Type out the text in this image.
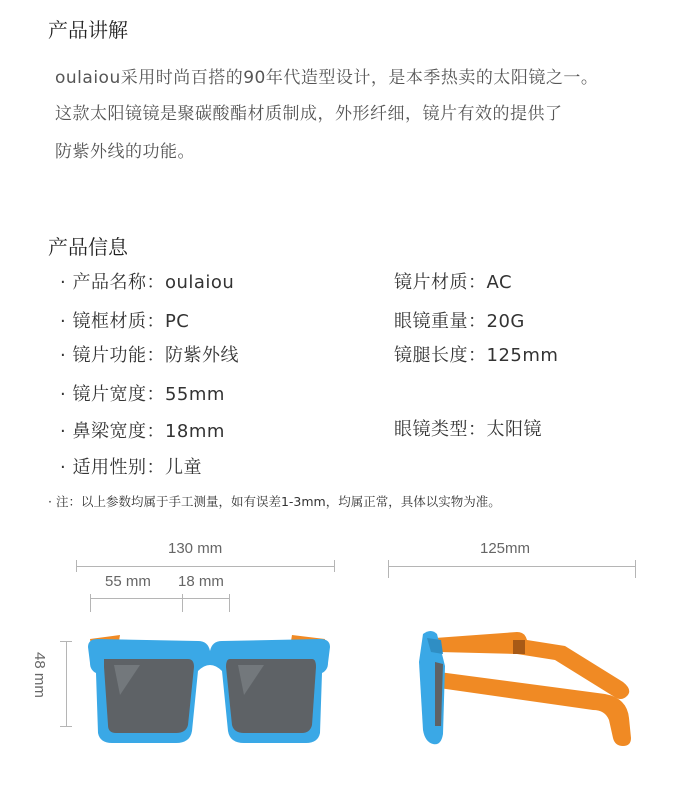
产品讲解
oulaiou采用时尚百搭的90年代造型设计，是本季热卖的太阳镜之一。
这款太阳镜镜是聚碳酸酯材质制成，外形纤细，镜片有效的提供了
防紫外线的功能。
产品信息
· 产品名称：oulaiou
· 镜框材质：PC
· 镜片功能：防紫外线
· 镜片宽度：55mm
· 鼻梁宽度：18mm
· 适用性别：儿童
镜片材质：AC
眼镜重量：20G
镜腿长度：125mm
眼镜类型：太阳镜
· 注：以上参数均属于手工测量，如有误差1-3mm，均属正常，具体以实物为准。
130 mm
55 mm 18 mm
48 mm
125mm
